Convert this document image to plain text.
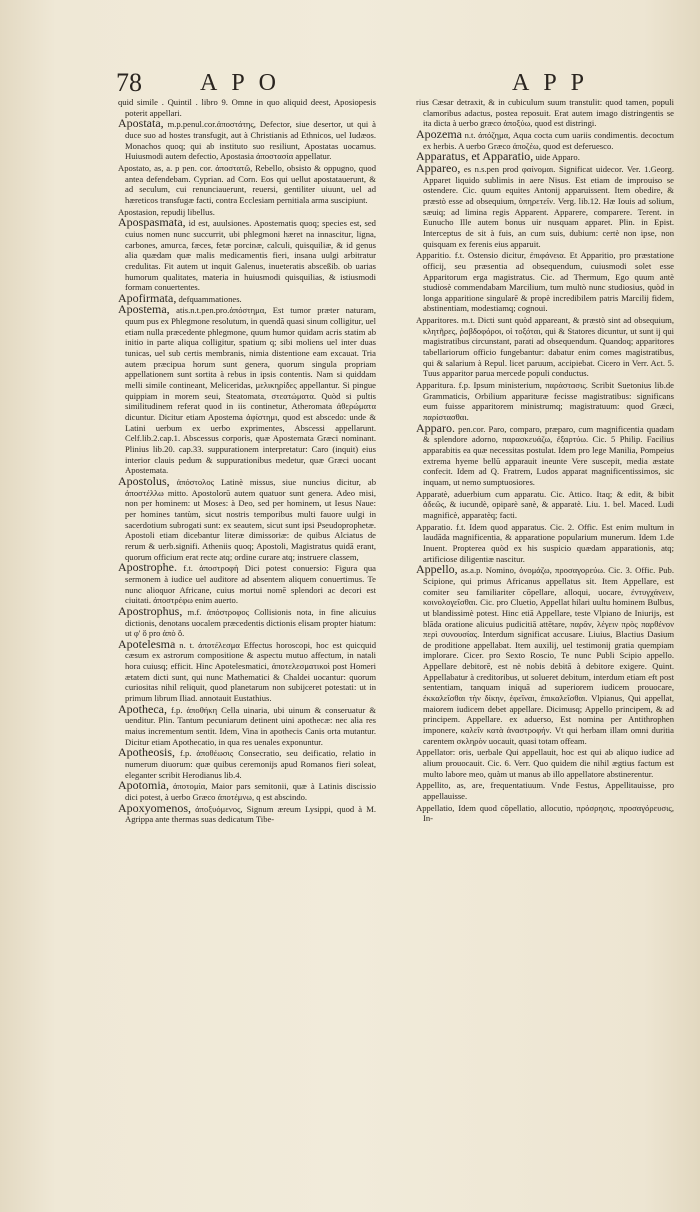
78 APO	APP
quid simile . Quintil . libro 9. Omne in quo aliquid deest, Aposiopesis poterit appellari.
Apostata, m.p.penul.cor.ἀποστάτης, Defector, siue desertor, ut qui à duce suo ad hostes transfugit, aut à Christianis ad Ethnicos, uel Iudæos. Monachos quoq; qui ab instituto suo resiliunt, Apostatas uocamus. Huiusmodi autem defectio, Apostasia ἀποστασία appellatur.
Apostato, as, a. p pen. cor. ἀποστατῶ, Rebello, obsisto & oppugno, quod antea defendebam. Cyprian. ad Corn. Eos qui uellut apostatauerunt, & ad seculum, cui renunciauerunt, reuersi, gentiliter uiuunt, uel ad hæreticos transfugæ facti, contra Ecclesiam pernitiala arma suscipiunt.
Apostasion, repudij libellus.
Apospasmata, id est, auulsiones. Apostematis quoq; species est, sed cuius nomen nunc succurrit, ubi phlegmoni hæret na innascitur, ligna, carbones, amurca, fæces, fetæ porcinæ, calculi, quisquiliæ, & id genus alia quædam quæ malis medicamentis fieri, insana uulgi arbitratur credulitas. Fit autem ut inquit Galenus, inueteratis absceßib. ob uarias humorum qualitates, materia in huiusmodi quisquilias, & istiusmodi formam conuertentes.
Apofirmata, defquammationes.
Apostema, atis.n.t.pen.pro.ἀπόστημα, Est tumor præter naturam, quum pus ex Phlegmone resolutum, in quendã quasi sinum colligitur, uel etiam nulla præcedente phlegmone, quum humor quidam acris statim ab initio in parte aliqua colligitur, spatium q; sibi moliens uel inter duas tunicas, uel sub certis membranis, nimia distentione eam excauat. Tria autem præcipua horum sunt genera, quorum singula propriam appellationem sunt sortita à rebus in ipsis contentis. Nam si quiddam melli simile contineant, Meliceridas, μελικηρίδες appellantur. Si pingue quippiam in morem seui, Steatomata, στεατώματα. Quòd si pultis similitudinem referat quod in iis continetur, Atheromata ἀθερώματα dicuntur. Dicitur etiam Apostema ἀφίστημι, quod est abscedo: unde & Latini uerbum ex uerbo exprimentes, Abscessi appellarunt. Celf.lib.2.cap.1. Abscessus corporis, quæ Apostemata Græci nominant. Plinius lib.20. cap.33. suppurationem interpretatur: Caro (inquit) eius interior clauis pedum & suppurationibus medetur, quæ Græci uocant Apostemata.
Apostolus, ἀπόστολος Latinè missus, siue nuncius dicitur, ab ἀποστέλλω mitto. Apostolorū autem quatuor sunt genera. Adeo misi, non per hominem: ut Moses: à Deo, sed per hominem, ut Iesus Naue: per homines tantùm, sicut nostris temporibus multi fauore uulgi in sacerdotium subrogati sunt: ex seautem, sicut sunt ipsi Pseudoprophetæ. Apostoli etiam dicebantur literæ dimissoriæ: de quibus Alciatus de rerum & uerb.signifi. Atheniis quoq; Apostoli, Magistratus quidā erant, quorum officium erat recte atq; ordine curare atq; instruere classem,
Apostrophe. f.t. ἀποστροφὴ Dici potest conuersio: Figura qua sermonem à iudice uel auditore ad absentem aliquem conuertimus. Te nunc alioquor Africane, cuius mortui nomē splendori ac decori est ciuitati. ἀποστρέφω enim auerto.
Apostrophus, m.f. ἀπόστροφος Collisionis nota, in fine alicuius dictionis, denotans uocalem præcedentis dictionis elisam propter hiatum: ut φ' ὅ pro ἀπὸ ὃ.
Apotelesma n. t. ἀποτέλεσμα Effectus horoscopi, hoc est quicquid cæsum ex astrorum compositione & aspectu mutuo affectum, in natali hora cuiusq; efficit. Hinc Apotelesmatici, ἀποτελεσματικοὶ post Homeri ætatem dicti sunt, qui nunc Mathematici & Chaldei uocantur: quorum curiositas nihil reliquit, quod planetarum non subijceret potestati: ut in primum librum Iliad. annotauit Eustathius.
Apotheca, f.p. ἀποθήκη Cella uinaria, ubi uinum & conseruatur & uenditur. Plin. Tantum pecuniarum detinent uini apothecæ: nec alia res maius incrementum sentit. Idem, Vina in apothecis Canis orta mutantur. Dicitur etiam Apothecatio, in qua res uenales exponuntur.
Apotheosis, f.p. ἀποθέωσις Consecratio, seu deificatio, relatio in numerum diuorum: quæ quibus ceremonijs apud Romanos fieri soleat, eleganter scribit Herodianus lib.4.
Apotomia, ἀποτομία, Maior pars semitonii, quæ à Latinis discissio dici potest, à uerbo Græco ἀποτέμνω, q est abscindo.
Apoxyomenos, ἀποξυόμενος, Signum æreum Lysippi, quod à M. Agrippa ante thermas suas dedicatum Tibe-
rius Cæsar detraxit, & in cubiculum suum transtulit: quod tamen, populi clamoribus adactus, postea reposuit. Erat autem imago distringentis se ita dicta à uerbo græco ἀποξύω, quod est distringi.
Apozema n.t. ἀπόζημα, Aqua cocta cum uariis condimentis. decoctum ex herbis. A uerbo Græco ἀποζέω, quod est deferuesco.
Apparatus, et Apparatio, uide Apparo.
Appareo, es n.s.pen prod φαίνομαι. Significat uidecor. Ver. 1.Georg. Apparet liquido sublimis in aere Nisus. Est etiam de improuiso se ostendere. Cic. quum equites Antonij apparuissent. Item obedire, & præstò esse ad obsequium, ὑπηρετεῖν. Verg. lib.12. Hæ Iouis ad solium, sæuiq; ad limina regis Apparent. Apparere, comparere. Terent. in Eunucho Ille autem bonus uir nusquam apparet. Plin. in Epist. Interceptus de sit à fuis, an cum suis, dubium: certè non ipse, non quisquam ex ferenis eius apparuit.
Apparitio. f.t. Ostensio dicitur, ἐπιφάνεια. Et Apparitio, pro præstatione officij, seu præsentia ad obsequendum, cuiusmodi solet esse Apparitorum erga magistratus. Cic. ad Thermum, Ego quum antè studiosè commendabam Marcilium, tum multò nunc studiosius, quòd in longa apparitione singularē & propè incredibilem patris Marcilij fidem, abstinentiam, modestiamq; cognoui.
Apparitores. m.t. Dicti sunt quòd appareant, & præstò sint ad obsequium, κλητῆρες, ῥαβδοφόροι, οἱ τοξόται, qui & Statores dicuntur, ut sunt ij qui magistratibus circunstant, parati ad obsequendum. Quandoq; apparitores tabellariorum officio fungebantur: dabatur enim comes magistratibus, qui & salarium à Repul. licet paruum, accipiebat. Cicero in Verr. Act. 5. Tuus apparitor parua mercede populi conductus.
Apparitura. f.p. Ipsum ministerium, παράστασις. Scribit Suetonius lib.de Grammaticis, Orbilium apparituræ fecisse magistratibus: significans eum fuisse apparitorem ministrumq; magistratuum: quod Græci, παρίστασθαι.
Apparo. pen.cor. Paro, comparo, præparo, cum magnificentia quadam & splendore adorno, παρασκευάζω, ἐξαρτύω. Cic. 5 Philip. Facilius apparabitis ea quæ necessitas postulat. Idem pro lege Manilia, Pompeius extrema hyeme bellū apparauit ineunte Vere suscepit, media æstate confecit. Idem ad Q. Fratrem, Ludos apparat magnificentissimos, sic inquam, ut nemo sumptuosiores.
Apparatè, aduerbium cum apparatu. Cic. Attico. Itaq; & edit, & bibit ἀδεῶς, & iucundè, opiparè sanè, & apparatè. Liu. 1. bel. Maced. Ludi magnificè, apparatèq; facti.
Apparatio. f.t. Idem quod apparatus. Cic. 2. Offic. Est enim multum in laudāda magnificentia, & apparatione popularium munerum. Idem 1.de Inuent. Propterea quòd ex his suspicio quædam apparationis, atq; artificiose diligentiæ nascitur.
Appello, as.a.p. Nomino, ὀνομάζω, προσαγορεύω. Cic. 3. Offic. Pub. Scipione, qui primus Africanus appellatus sit. Item Appellare, est comiter seu familiariter cōpellare, alloqui, uocare, ἐντυγχάνειν, κοινολογεῖσθαι. Cic. pro Cluetio, Appellat hilari uultu hominem Bulbus, ut blandissimè potest. Hinc etiā Appellare, teste Vlpiano de Iniurijs, est blāda oratione alicuius pudicitiā attētare, παρᾶν, λέγειν πρὸς παρθένον περὶ συνουσίας. Interdum significat accusare. Liuius, Blactius Dasium de proditione appellabat. Item auxilij, uel testimonij gratia quempiam implorare. Cicer. pro Sexto Roscio, Te nunc Publi Scipio appello. Appellare debitorē, est nè nobis debitā à debitore exigere. Quint. Appellabatur à creditoribus, ut solueret debitum, interdum etiam eft post sententiam, tanquam iniquā ad superiorem iudicem prouocare, ἐκκαλεῖσθαι τὴν δίκην, ἐφεῖναι, ἐπικαλεῖσθαι. Vlpianus, Qui appellat, maiorem iudicem debet appellare. Dicimusq; Appello principem, & ad principem. Appellare. ex aduerso, Est nomina per Antithrophen imponere, καλεῖν κατὰ ἀναστροφήν. Vt qui herbam illam omni duritia carentem σκληρὸν uocauit, quasi totam offeam.
Appellator: oris, uerbale Qui appellauit, hoc est qui ab aliquo iudice ad alium prouocauit. Cic. 6. Verr. Quo quidem die nihil ægtius factum est multo labore meo, quàm ut manus ab illo appellatore abstinerentur.
Appellito, as, are, frequentatiuum. Vnde Festus, Appellitauisse, pro appellauisse.
Appellatio, Idem quod cōpellatio, allocutio, πρόσρησις, προσαγόρευσις, In-
